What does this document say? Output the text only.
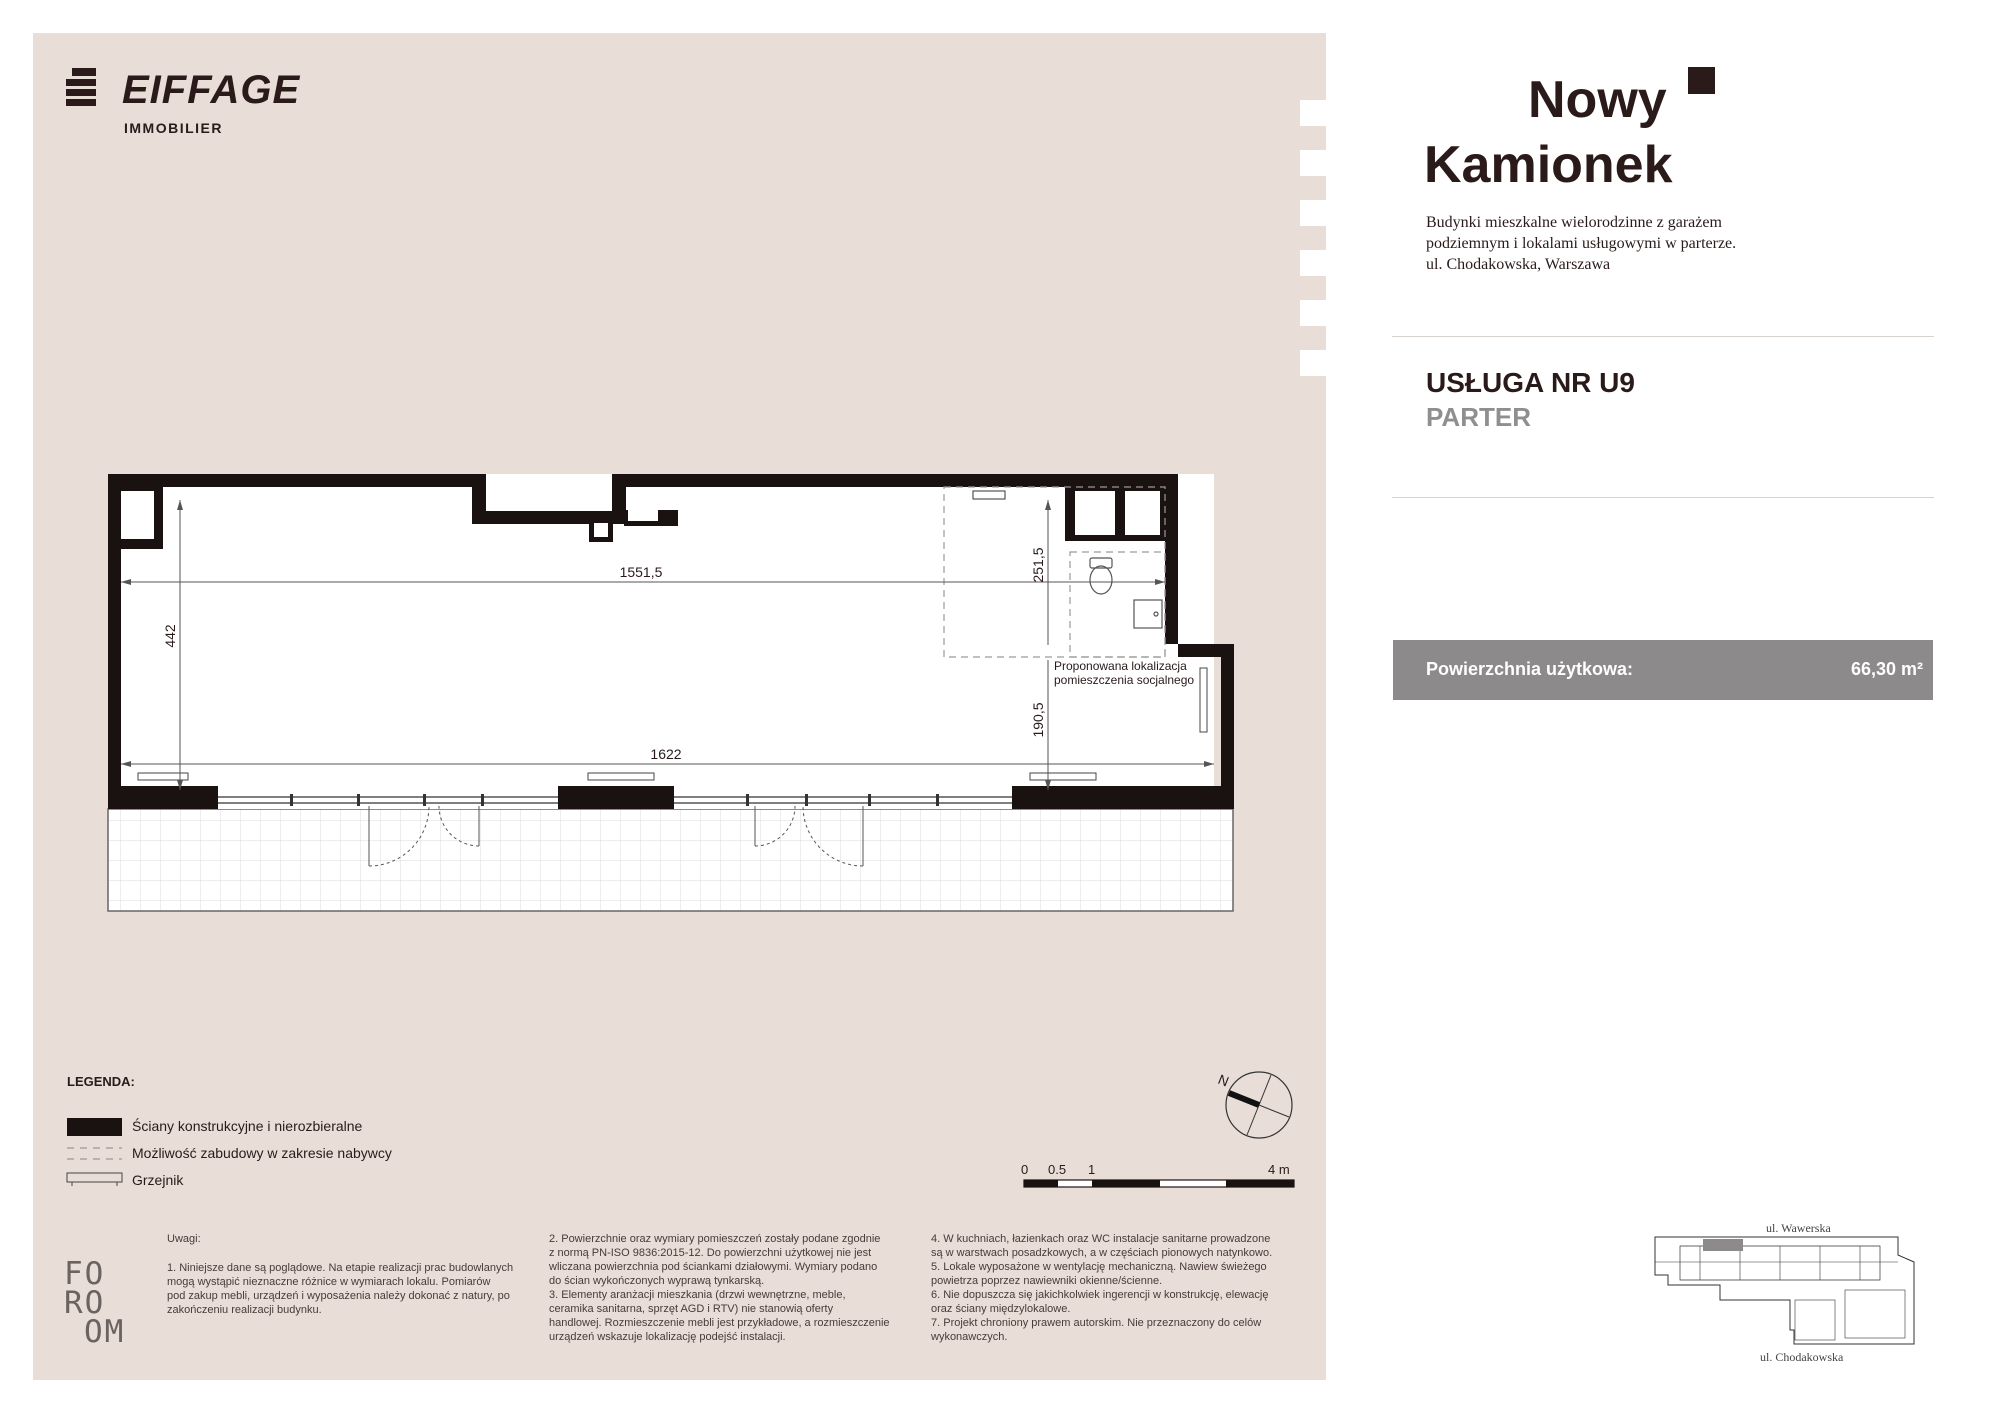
EIFFAGE
IMMOBILIER	Nowy
Kamionek
Budynki mieszkalne wielorodzinne z garażem
podziemnym i lokalami usługowymi w parterze.
ul. Chodakowska, Warszawa
USŁUGA NR U9
PARTER
Powierzchnia użytkowa:	66,30 m²
1551,5
1622
442
251,5
190,5
Proponowana lokalizacja
pomieszczenia socjalnego
N
LEGENDA:
Ściany konstrukcyjne i nierozbieralne
Możliwość zabudowy w zakresie nabywcy
Grzejnik
0 0.5 1	4 m
Uwagi:
1. Niniejsze dane są poglądowe. Na etapie realizacji prac budowlanych
mogą wystąpić nieznaczne różnice w wymiarach lokalu. Pomiarów
pod zakup mebli, urządzeń i wyposażenia należy dokonać z natury, po
zakończeniu realizacji budynku.
2. Powierzchnie oraz wymiary pomieszczeń zostały podane zgodnie
z normą PN-ISO 9836:2015-12. Do powierzchni użytkowej nie jest
wliczana powierzchnia pod ściankami działowymi. Wymiary podano
do ścian wykończonych wyprawą tynkarską.
3. Elementy aranżacji mieszkania (drzwi wewnętrzne, meble,
ceramika sanitarna, sprzęt AGD i RTV) nie stanowią oferty
handlowej. Rozmieszczenie mebli jest przykładowe, a rozmieszczenie
urządzeń wskazuje lokalizację podejść instalacji.
4. W kuchniach, łazienkach oraz WC instalacje sanitarne prowadzone
są w warstwach posadzkowych, a w częściach pionowych natynkowo.
5. Lokale wyposażone w wentylację mechaniczną. Nawiew świeżego
powietrza poprzez nawiewniki okienne/ścienne.
6. Nie dopuszcza się jakichkolwiek ingerencji w konstrukcję, elewację
oraz ściany międzylokalowe.
7. Projekt chroniony prawem autorskim. Nie przeznaczony do celów
wykonawczych.
FO
RO
OM
ul. Wawerska
ul. Chodakowska
